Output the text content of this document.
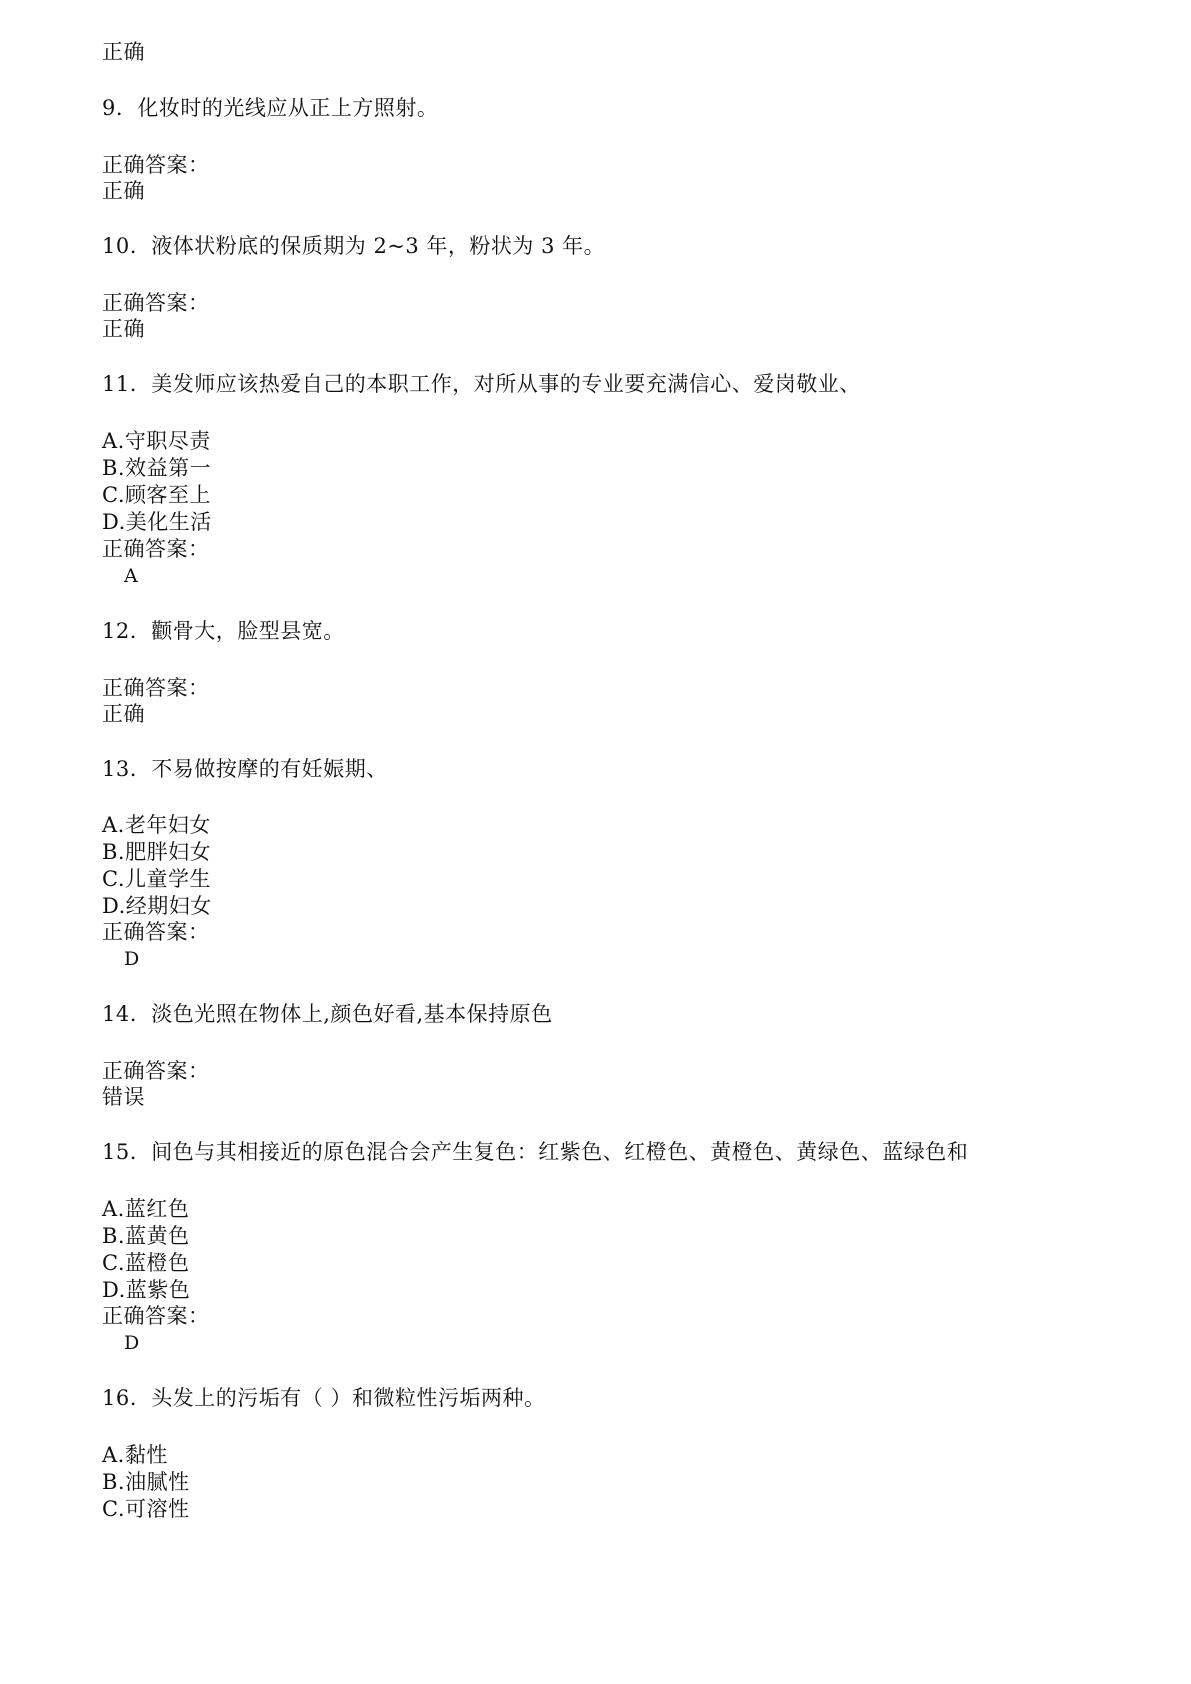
正确
9. 化妆时的光线应从正上方照射。
正确答案：
正确
10. 液体状粉底的保质期为 2~3 年，粉状为 3 年。
正确答案：
正确
11. 美发师应该热爱自己的本职工作，对所从事的专业要充满信心、爱岗敬业、
A.守职尽责
B.效益第一
C.顾客至上
D.美化生活
正确答案：
A
12. 颧骨大，脸型县宽。
正确答案：
正确
13. 不易做按摩的有妊娠期、
A.老年妇女
B.肥胖妇女
C.儿童学生
D.经期妇女
正确答案：
D
14. 淡色光照在物体上,颜色好看,基本保持原色
正确答案：
错误
15. 间色与其相接近的原色混合会产生复色：红紫色、红橙色、黄橙色、黄绿色、蓝绿色和
A.蓝红色
B.蓝黄色
C.蓝橙色
D.蓝紫色
正确答案：
D
16. 头发上的污垢有（ ）和微粒性污垢两种。
A.黏性
B.油腻性
C.可溶性
